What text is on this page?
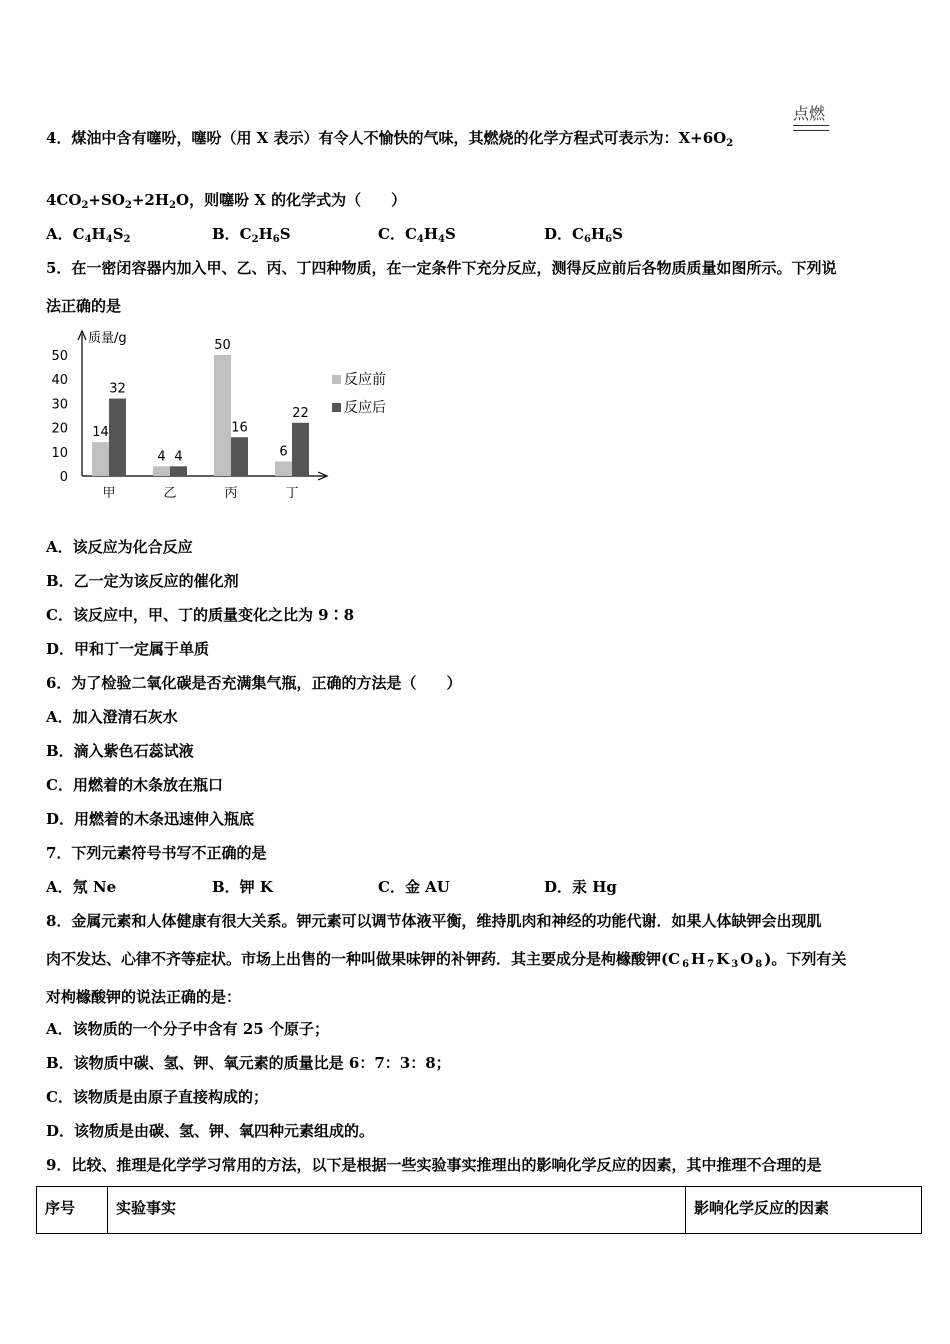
点燃
4．煤油中含有噻吩，噻吩（用 X 表示）有令人不愉快的气味，其燃烧的化学方程式可表示为：$X+6O_2$
$4CO_2+SO_2+2H_2O$，则噻吩 X 的化学式为（　　）
A．$C_4H_4S_2$	B．$C_2H_6S$	C．$C_4H_4S$	D．$C_6H_6S$
5．在一密闭容器内加入甲、乙、丙、丁四种物质，在一定条件下充分反应，测得反应前后各物质质量如图所示。下列说
法正确的是
质量/g
0
10
20
30
40
50
14
32
甲
4 4
乙
50
16
丙
6
22
丁
反应前
反应后
A．该反应为化合反应
B．乙一定为该反应的催化剂
C．该反应中，甲、丁的质量变化之比为 9∶8
D．甲和丁一定属于单质
6．为了检验二氧化碳是否充满集气瓶，正确的方法是（　　）
A．加入澄清石灰水
B．滴入紫色石蕊试液
C．用燃着的木条放在瓶口
D．用燃着的木条迅速伸入瓶底
7．下列元素符号书写不正确的是
A．氖 Ne	B．钾 K	C．金 AU	D．汞 Hg
8．金属元素和人体健康有很大关系。钾元素可以调节体液平衡，维持肌肉和神经的功能代谢．如果人体缺钾会出现肌
肉不发达、心律不齐等症状。市场上出售的一种叫做果味钾的补钾药．其主要成分是枸橼酸钾$(C_6H_7K_3O_8)$。下列有关
对枸橼酸钾的说法正确的是：
A．该物质的一个分子中含有 25 个原子；
B．该物质中碳、氢、钾、氧元素的质量比是 6：7：3：8；
C．该物质是由原子直接构成的；
D．该物质是由碳、氢、钾、氧四种元素组成的。
9．比较、推理是化学学习常用的方法，以下是根据一些实验事实推理出的影响化学反应的因素，其中推理不合理的是
序号	实验事实	影响化学反应的因素
